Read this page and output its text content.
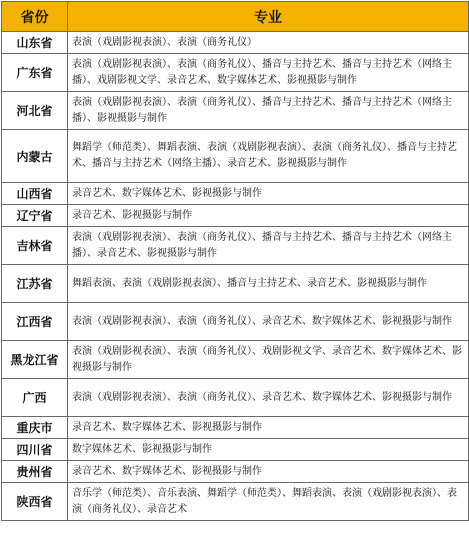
省份	专业
山东省	表演（戏剧影视表演）、表演（商务礼仪）
广东省	表演（戏剧影视表演）、表演（商务礼仪）、播音与主持艺术、播音与主持艺术（网络主播）、戏剧影视文学、录音艺术、数字媒体艺术、影视摄影与制作
河北省	表演（戏剧影视表演）、表演（商务礼仪）、播音与主持艺术、播音与主持艺术（网络主播）、影视摄影与制作
内蒙古	舞蹈学（师范类）、舞蹈表演、表演（戏剧影视表演）、表演（商务礼仪）、播音与主持艺术、播音与主持艺术（网络主播）、录音艺术、影视摄影与制作
山西省	录音艺术、数字媒体艺术、影视摄影与制作
辽宁省	录音艺术、影视摄影与制作
吉林省	表演（戏剧影视表演）、表演（商务礼仪）、播音与主持艺术、播音与主持艺术（网络主播）、录音艺术、影视摄影与制作
江苏省	舞蹈表演、表演（戏剧影视表演）、播音与主持艺术、录音艺术、影视摄影与制作
江西省	表演（戏剧影视表演）、表演（商务礼仪）、录音艺术、数字媒体艺术、影视摄影与制作
黑龙江省	表演（戏剧影视表演）、表演（商务礼仪）、戏剧影视文学、录音艺术、数字媒体艺术、影视摄影与制作
广西	表演（戏剧影视表演）、表演（商务礼仪）、录音艺术、数字媒体艺术、影视摄影与制作
重庆市	录音艺术、数字媒体艺术、影视摄影与制作
四川省	数字媒体艺术、影视摄影与制作
贵州省	录音艺术、数字媒体艺术、影视摄影与制作
陕西省	音乐学（师范类）、音乐表演、舞蹈学（师范类）、舞蹈表演、表演（戏剧影视表演）、表演（商务礼仪）、录音艺术
